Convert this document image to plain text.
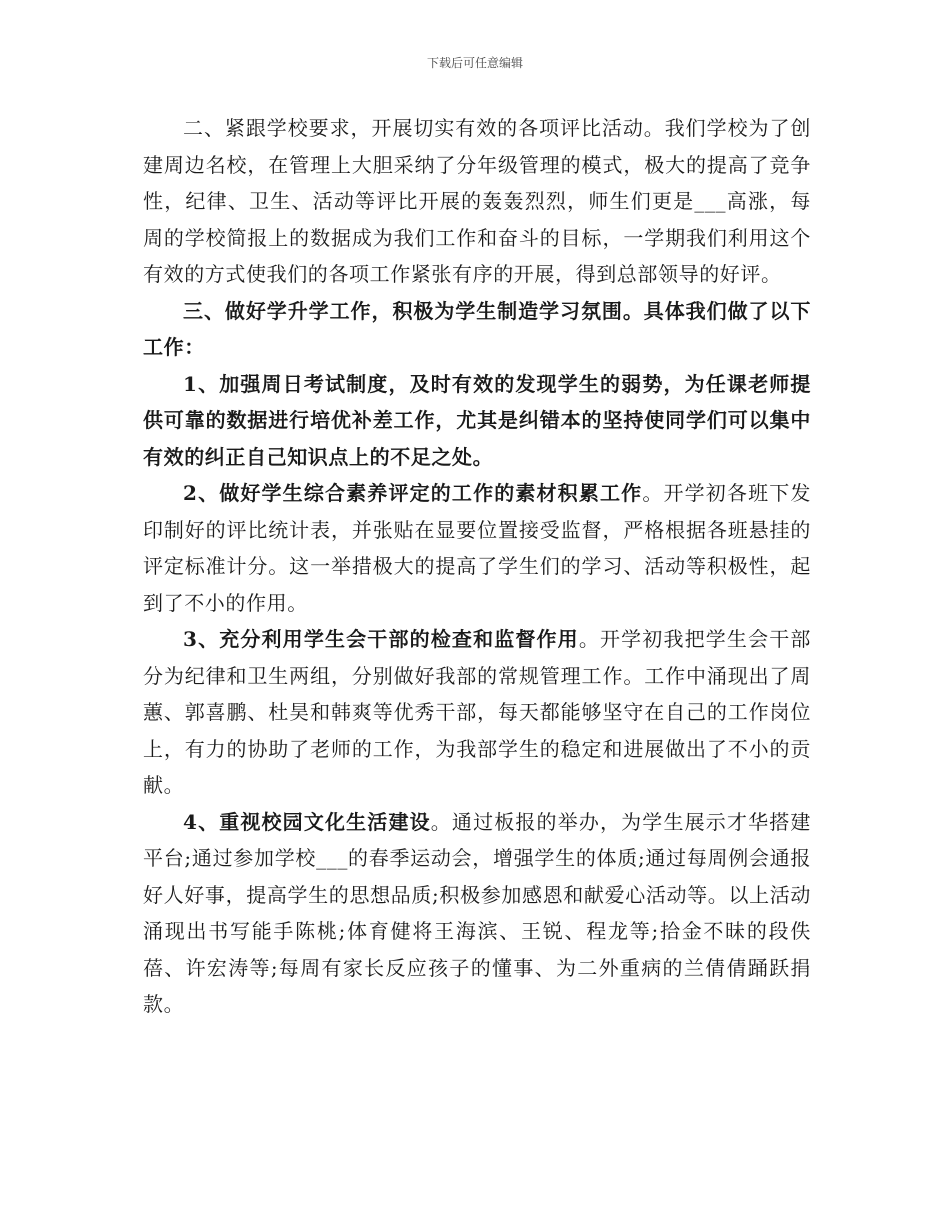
下载后可任意编辑

二、紧跟学校要求，开展切实有效的各项评比活动。我们学校为了创建周边名校，在管理上大胆采纳了分年级管理的模式，极大的提高了竞争性，纪律、卫生、活动等评比开展的轰轰烈烈，师生们更是___高涨，每周的学校简报上的数据成为我们工作和奋斗的目标，一学期我们利用这个有效的方式使我们的各项工作紧张有序的开展，得到总部领导的好评。

三、做好学升学工作，积极为学生制造学习氛围。具体我们做了以下工作：

1、加强周日考试制度，及时有效的发现学生的弱势，为任课老师提供可靠的数据进行培优补差工作，尤其是纠错本的坚持使同学们可以集中有效的纠正自己知识点上的不足之处。

2、做好学生综合素养评定的工作的素材积累工作。开学初各班下发印制好的评比统计表，并张贴在显要位置接受监督，严格根据各班悬挂的评定标准计分。这一举措极大的提高了学生们的学习、活动等积极性，起到了不小的作用。

3、充分利用学生会干部的检查和监督作用。开学初我把学生会干部分为纪律和卫生两组，分别做好我部的常规管理工作。工作中涌现出了周蕙、郭喜鹏、杜昊和韩爽等优秀干部，每天都能够坚守在自己的工作岗位上，有力的协助了老师的工作，为我部学生的稳定和进展做出了不小的贡献。

4、重视校园文化生活建设。通过板报的举办，为学生展示才华搭建平台;通过参加学校___的春季运动会，增强学生的体质;通过每周例会通报好人好事，提高学生的思想品质;积极参加感恩和献爱心活动等。以上活动涌现出书写能手陈桃;体育健将王海滨、王锐、程龙等;拾金不昧的段佚蓓、许宏涛等;每周有家长反应孩子的懂事、为二外重病的兰倩倩踊跃捐款。
